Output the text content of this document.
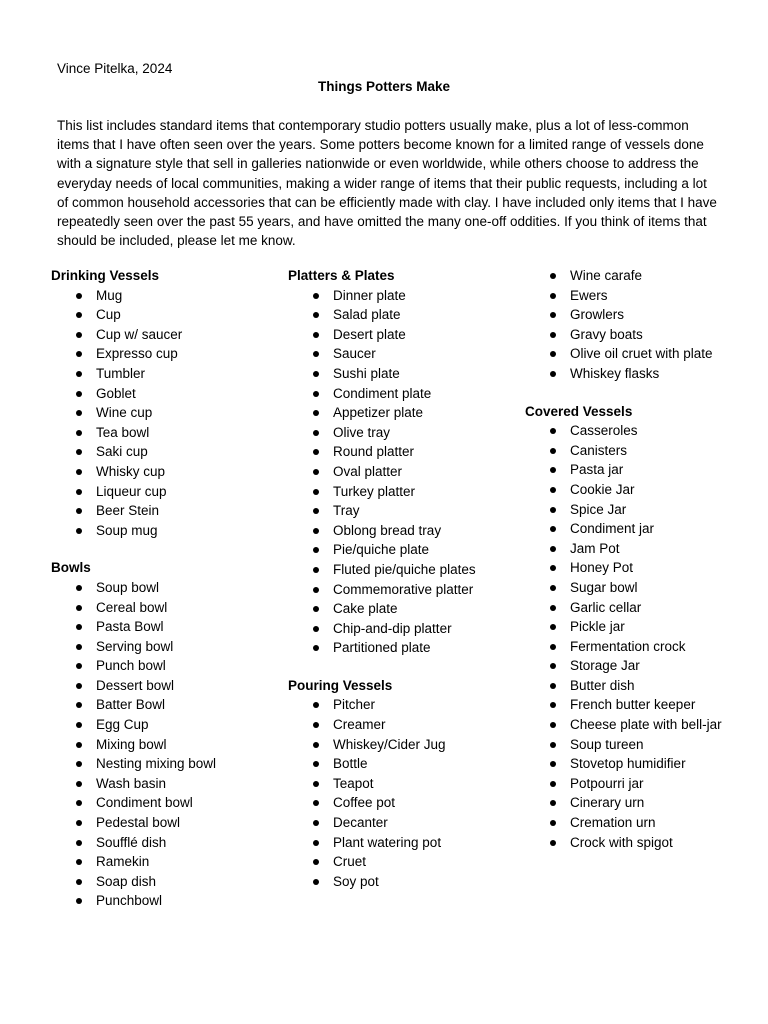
Vince Pitelka, 2024
Things Potters Make

This list includes standard items that contemporary studio potters usually make, plus a lot of less-common items that I have often seen over the years. Some potters become known for a limited range of vessels done with a signature style that sell in galleries nationwide or even worldwide, while others choose to address the everyday needs of local communities, making a wider range of items that their public requests, including a lot of common household accessories that can be efficiently made with clay. I have included only items that I have repeatedly seen over the past 55 years, and have omitted the many one-off oddities. If you think of items that should be included, please let me know.

Drinking Vessels
Mug
Cup
Cup w/ saucer
Expresso cup
Tumbler
Goblet
Wine cup
Tea bowl
Saki cup
Whisky cup
Liqueur cup
Beer Stein
Soup mug
Bowls
Soup bowl
Cereal bowl
Pasta Bowl
Serving bowl
Punch bowl
Dessert bowl
Batter Bowl
Egg Cup
Mixing bowl
Nesting mixing bowl
Wash basin
Condiment bowl
Pedestal bowl
Soufflé dish
Ramekin
Soap dish
Punchbowl
Platters & Plates
Dinner plate
Salad plate
Desert plate
Saucer
Sushi plate
Condiment plate
Appetizer plate
Olive tray
Round platter
Oval platter
Turkey platter
Tray
Oblong bread tray
Pie/quiche plate
Fluted pie/quiche plates
Commemorative platter
Cake plate
Chip-and-dip platter
Partitioned plate
Pouring Vessels
Pitcher
Creamer
Whiskey/Cider Jug
Bottle
Teapot
Coffee pot
Decanter
Plant watering pot
Cruet
Soy pot
Wine carafe
Ewers
Growlers
Gravy boats
Olive oil cruet with plate
Whiskey flasks
Covered Vessels
Casseroles
Canisters
Pasta jar
Cookie Jar
Spice Jar
Condiment jar
Jam Pot
Honey Pot
Sugar bowl
Garlic cellar
Pickle jar
Fermentation crock
Storage Jar
Butter dish
French butter keeper
Cheese plate with bell-jar
Soup tureen
Stovetop humidifier
Potpourri jar
Cinerary urn
Cremation urn
Crock with spigot
